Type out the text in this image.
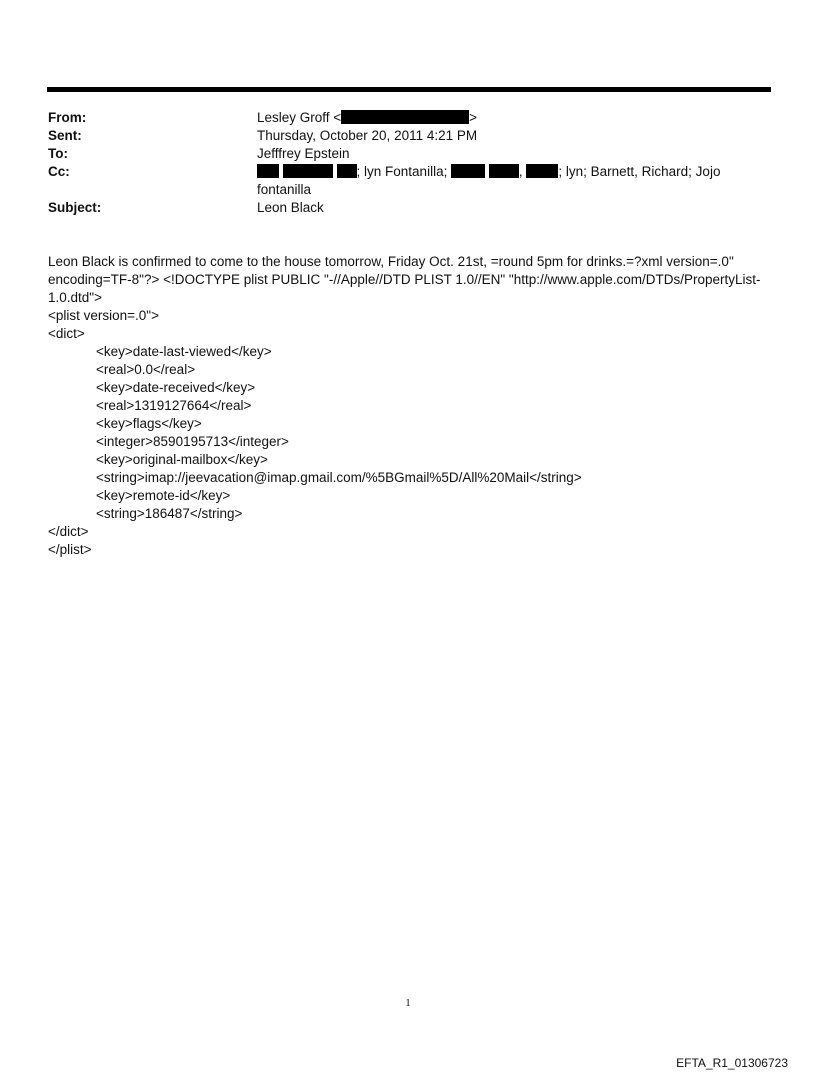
From:	Lesley Groff <	>
Sent:	Thursday, October 20, 2011 4:21 PM
To:	Jefffrey Epstein
Cc:	; lyn Fontanilla;	,	; lyn; Barnett, Richard; Jojo
fontanilla
Subject:	Leon Black

Leon Black is confirmed to come to the house tomorrow, Friday Oct. 21st, =round 5pm for drinks.=?xml version=.0"

encoding=TF-8"?> <!DOCTYPE plist PUBLIC "-//Apple//DTD PLIST 1.0//EN" "http://www.apple.com/DTDs/PropertyList-

1.0.dtd">

<plist version=.0">

<dict>

<key>date-last-viewed</key>

<real>0.0</real>

<key>date-received</key>

<real>1319127664</real>

<key>flags</key>

<integer>8590195713</integer>

<key>original-mailbox</key>

<string>imap://jeevacation@imap.gmail.com/%5BGmail%5D/All%20Mail</string>

<key>remote-id</key>

<string>186487</string>

</dict>

</plist>

1
EFTA_R1_01306723
